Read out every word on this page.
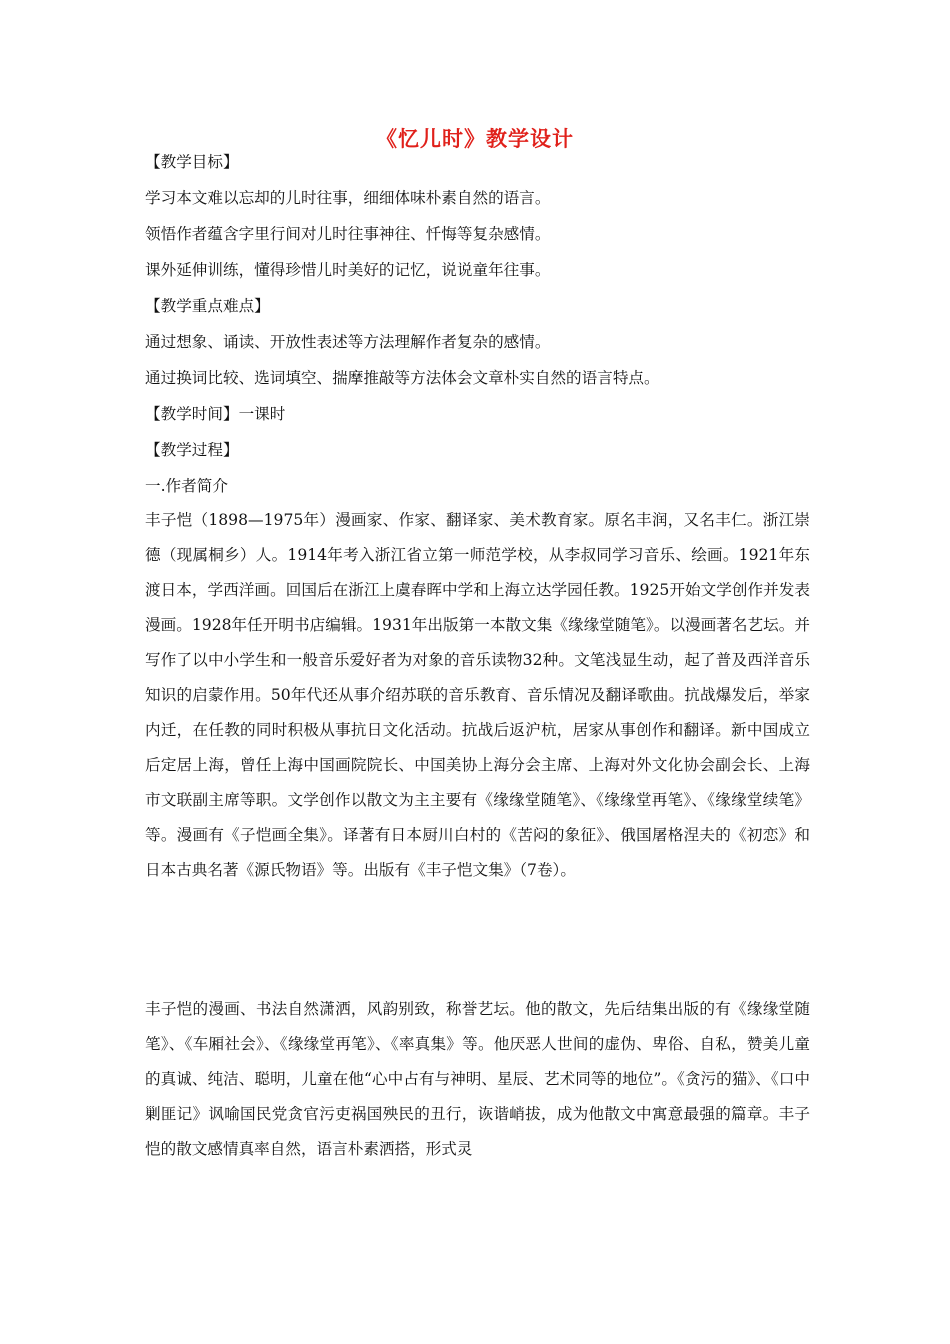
《忆儿时》教学设计
【教学目标】
学习本文难以忘却的儿时往事，细细体味朴素自然的语言。
领悟作者蕴含字里行间对儿时往事神往、忏悔等复杂感情。
课外延伸训练，懂得珍惜儿时美好的记忆，说说童年往事。
【教学重点难点】
通过想象、诵读、开放性表述等方法理解作者复杂的感情。
通过换词比较、选词填空、揣摩推敲等方法体会文章朴实自然的语言特点。
【教学时间】一课时
【教学过程】
一.作者简介
丰子恺（1898—1975年）漫画家、作家、翻译家、美术教育家。原名丰润，又名丰仁。浙江崇德（现属桐乡）人。1914年考入浙江省立第一师范学校，从李叔同学习音乐、绘画。1921年东渡日本，学西洋画。回国后在浙江上虞春晖中学和上海立达学园任教。1925开始文学创作并发表漫画。1928年任开明书店编辑。1931年出版第一本散文集《缘缘堂随笔》。以漫画著名艺坛。并写作了以中小学生和一般音乐爱好者为对象的音乐读物32种。文笔浅显生动，起了普及西洋音乐知识的启蒙作用。50年代还从事介绍苏联的音乐教育、音乐情况及翻译歌曲。抗战爆发后，举家内迁，在任教的同时积极从事抗日文化活动。抗战后返沪杭，居家从事创作和翻译。新中国成立后定居上海，曾任上海中国画院院长、中国美协上海分会主席、上海对外文化协会副会长、上海市文联副主席等职。文学创作以散文为主主要有《缘缘堂随笔》、《缘缘堂再笔》、《缘缘堂续笔》等。漫画有《子恺画全集》。译著有日本厨川白村的《苦闷的象征》、俄国屠格涅夫的《初恋》和日本古典名著《源氏物语》等。出版有《丰子恺文集》（7卷）。
丰子恺的漫画、书法自然潇洒，风韵别致，称誉艺坛。他的散文，先后结集出版的有《缘缘堂随笔》、《车厢社会》、《缘缘堂再笔》、《率真集》等。他厌恶人世间的虚伪、卑俗、自私，赞美儿童的真诚、纯洁、聪明，儿童在他“心中占有与神明、星辰、艺术同等的地位”。《贪污的猫》、《口中剿匪记》讽喻国民党贪官污吏祸国殃民的丑行，诙谐峭拔，成为他散文中寓意最强的篇章。丰子恺的散文感情真率自然，语言朴素洒搭，形式灵
